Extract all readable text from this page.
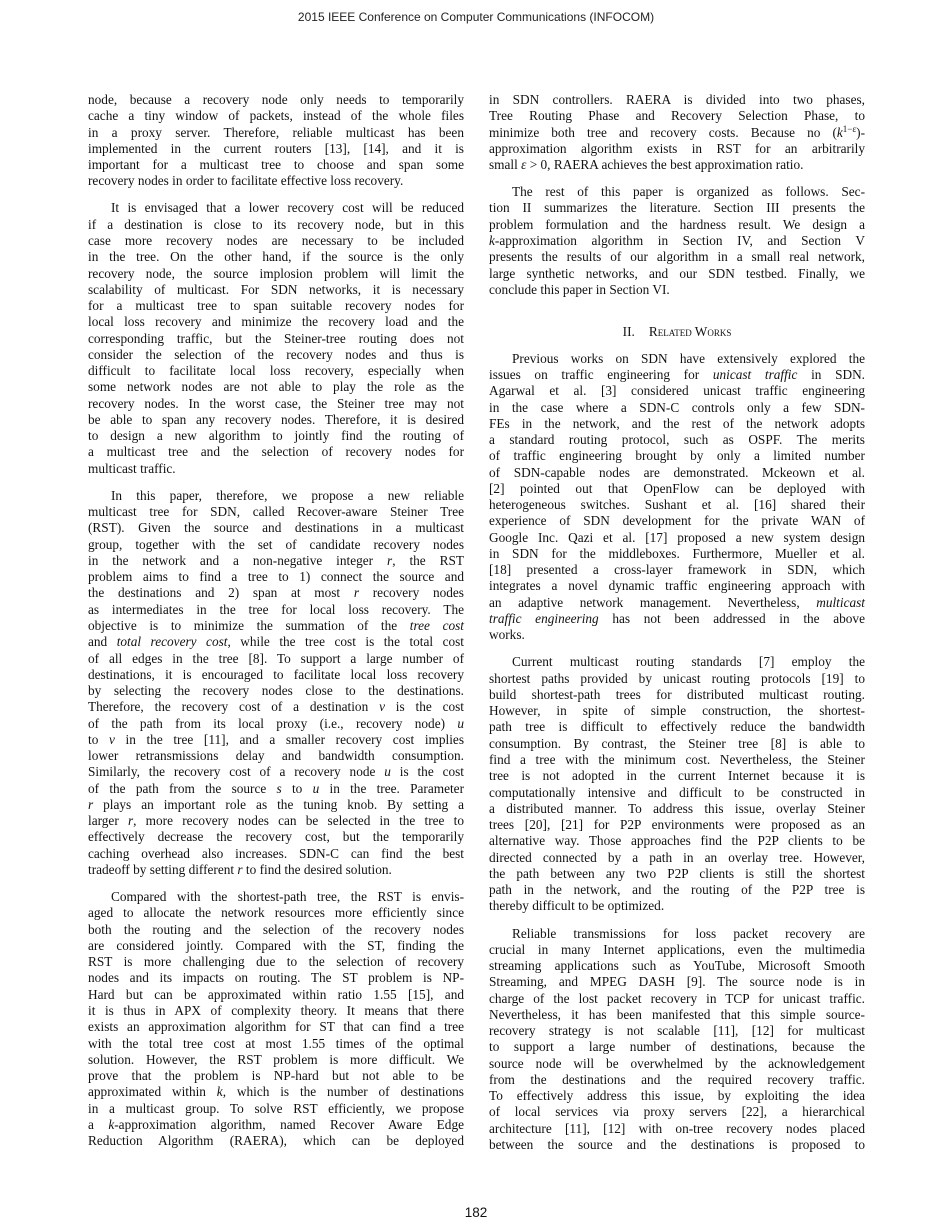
2015 IEEE Conference on Computer Communications (INFOCOM)
node, because a recovery node only needs to temporarily
cache a tiny window of packets, instead of the whole files
in a proxy server. Therefore, reliable multicast has been
implemented in the current routers [13], [14], and it is
important for a multicast tree to choose and span some
recovery nodes in order to facilitate effective loss recovery.
It is envisaged that a lower recovery cost will be reduced
if a destination is close to its recovery node, but in this
case more recovery nodes are necessary to be included
in the tree. On the other hand, if the source is the only
recovery node, the source implosion problem will limit the
scalability of multicast. For SDN networks, it is necessary
for a multicast tree to span suitable recovery nodes for
local loss recovery and minimize the recovery load and the
corresponding traffic, but the Steiner-tree routing does not
consider the selection of the recovery nodes and thus is
difficult to facilitate local loss recovery, especially when
some network nodes are not able to play the role as the
recovery nodes. In the worst case, the Steiner tree may not
be able to span any recovery nodes. Therefore, it is desired
to design a new algorithm to jointly find the routing of
a multicast tree and the selection of recovery nodes for
multicast traffic.
In this paper, therefore, we propose a new reliable
multicast tree for SDN, called Recover-aware Steiner Tree
(RST). Given the source and destinations in a multicast
group, together with the set of candidate recovery nodes
in the network and a non-negative integer r, the RST
problem aims to find a tree to 1) connect the source and
the destinations and 2) span at most r recovery nodes
as intermediates in the tree for local loss recovery. The
objective is to minimize the summation of the tree cost
and total recovery cost, while the tree cost is the total cost
of all edges in the tree [8]. To support a large number of
destinations, it is encouraged to facilitate local loss recovery
by selecting the recovery nodes close to the destinations.
Therefore, the recovery cost of a destination v is the cost
of the path from its local proxy (i.e., recovery node) u
to v in the tree [11], and a smaller recovery cost implies
lower retransmissions delay and bandwidth consumption.
Similarly, the recovery cost of a recovery node u is the cost
of the path from the source s to u in the tree. Parameter
r plays an important role as the tuning knob. By setting a
larger r, more recovery nodes can be selected in the tree to
effectively decrease the recovery cost, but the temporarily
caching overhead also increases. SDN-C can find the best
tradeoff by setting different r to find the desired solution.
Compared with the shortest-path tree, the RST is envis-
aged to allocate the network resources more efficiently since
both the routing and the selection of the recovery nodes
are considered jointly. Compared with the ST, finding the
RST is more challenging due to the selection of recovery
nodes and its impacts on routing. The ST problem is NP-
Hard but can be approximated within ratio 1.55 [15], and
it is thus in APX of complexity theory. It means that there
exists an approximation algorithm for ST that can find a tree
with the total tree cost at most 1.55 times of the optimal
solution. However, the RST problem is more difficult. We
prove that the problem is NP-hard but not able to be
approximated within k, which is the number of destinations
in a multicast group. To solve RST efficiently, we propose
a k-approximation algorithm, named Recover Aware Edge
Reduction Algorithm (RAERA), which can be deployed
in SDN controllers. RAERA is divided into two phases,
Tree Routing Phase and Recovery Selection Phase, to
minimize both tree and recovery costs. Because no $(k^{1-\varepsilon})-$
approximation algorithm exists in RST for an arbitrarily
small ε > 0, RAERA achieves the best approximation ratio.
The rest of this paper is organized as follows. Sec-
tion II summarizes the literature. Section III presents the
problem formulation and the hardness result. We design a
k-approximation algorithm in Section IV, and Section V
presents the results of our algorithm in a small real network,
large synthetic networks, and our SDN testbed. Finally, we
conclude this paper in Section VI.
II. Related Works
Previous works on SDN have extensively explored the
issues on traffic engineering for unicast traffic in SDN.
Agarwal et al. [3] considered unicast traffic engineering
in the case where a SDN-C controls only a few SDN-
FEs in the network, and the rest of the network adopts
a standard routing protocol, such as OSPF. The merits
of traffic engineering brought by only a limited number
of SDN-capable nodes are demonstrated. Mckeown et al.
[2] pointed out that OpenFlow can be deployed with
heterogeneous switches. Sushant et al. [16] shared their
experience of SDN development for the private WAN of
Google Inc. Qazi et al. [17] proposed a new system design
in SDN for the middleboxes. Furthermore, Mueller et al.
[18] presented a cross-layer framework in SDN, which
integrates a novel dynamic traffic engineering approach with
an adaptive network management. Nevertheless, multicast
traffic engineering has not been addressed in the above
works.
Current multicast routing standards [7] employ the
shortest paths provided by unicast routing protocols [19] to
build shortest-path trees for distributed multicast routing.
However, in spite of simple construction, the shortest-
path tree is difficult to effectively reduce the bandwidth
consumption. By contrast, the Steiner tree [8] is able to
find a tree with the minimum cost. Nevertheless, the Steiner
tree is not adopted in the current Internet because it is
computationally intensive and difficult to be constructed in
a distributed manner. To address this issue, overlay Steiner
trees [20], [21] for P2P environments were proposed as an
alternative way. Those approaches find the P2P clients to be
directed connected by a path in an overlay tree. However,
the path between any two P2P clients is still the shortest
path in the network, and the routing of the P2P tree is
thereby difficult to be optimized.
Reliable transmissions for loss packet recovery are
crucial in many Internet applications, even the multimedia
streaming applications such as YouTube, Microsoft Smooth
Streaming, and MPEG DASH [9]. The source node is in
charge of the lost packet recovery in TCP for unicast traffic.
Nevertheless, it has been manifested that this simple source-
recovery strategy is not scalable [11], [12] for multicast
to support a large number of destinations, because the
source node will be overwhelmed by the acknowledgement
from the destinations and the required recovery traffic.
To effectively address this issue, by exploiting the idea
of local services via proxy servers [22], a hierarchical
architecture [11], [12] with on-tree recovery nodes placed
between the source and the destinations is proposed to
182
